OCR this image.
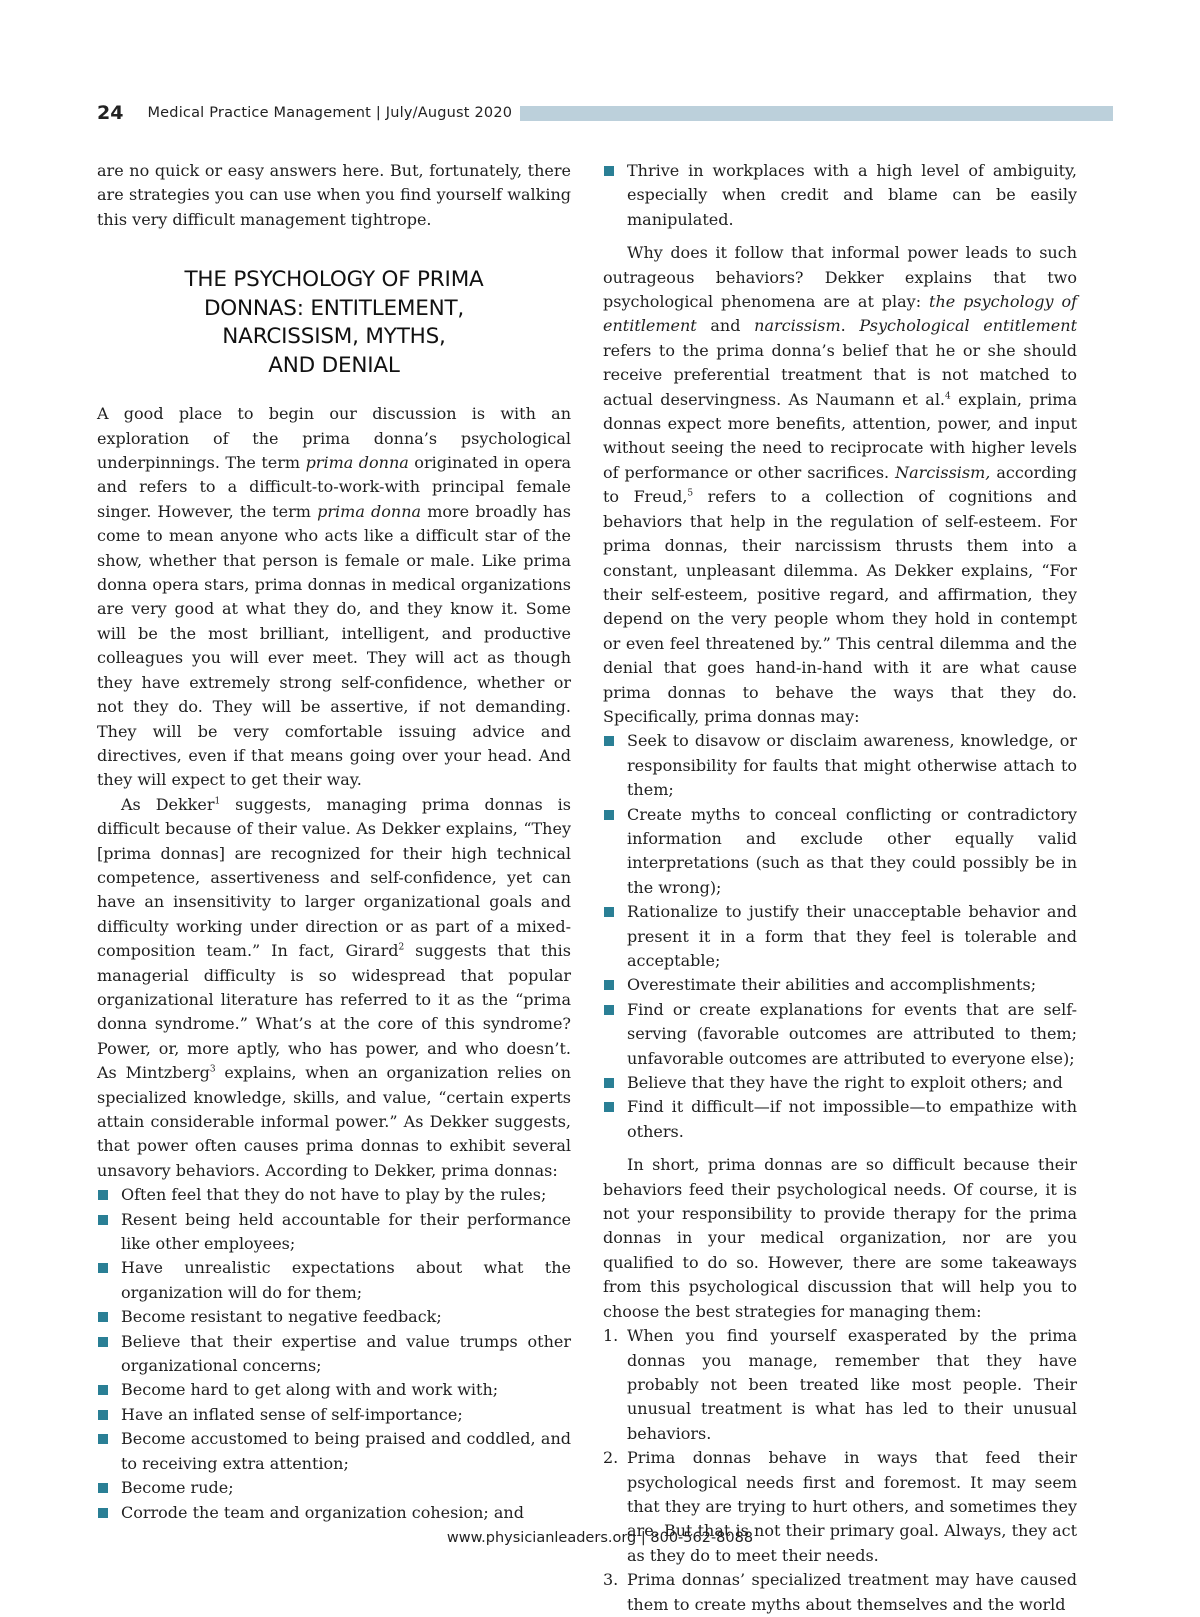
24 Medical Practice Management | July/August 2020

are no quick or easy answers here. But, fortunately, there are strategies you can use when you find yourself walking this very difficult management tightrope.

THE PSYCHOLOGY OF PRIMA
DONNAS: ENTITLEMENT,
NARCISSISM, MYTHS,
AND DENIAL

A good place to begin our discussion is with an exploration of the prima donna’s psychological underpinnings. The term prima donna originated in opera and refers to a difficult-to-work-with principal female singer. However, the term prima donna more broadly has come to mean anyone who acts like a difficult star of the show, whether that person is female or male. Like prima donna opera stars, prima donnas in medical organizations are very good at what they do, and they know it. Some will be the most brilliant, intelligent, and productive colleagues you will ever meet. They will act as though they have extremely strong self-confidence, whether or not they do. They will be assertive, if not demanding. They will be very comfortable issuing advice and directives, even if that means going over your head. And they will expect to get their way.

As Dekker$^1$ suggests, managing prima donnas is difficult because of their value. As Dekker explains, “They [prima donnas] are recognized for their high technical competence, assertiveness and self-confidence, yet can have an insensitivity to larger organizational goals and difficulty working under direction or as part of a mixed-composition team.” In fact, Girard$^2$ suggests that this managerial difficulty is so widespread that popular organizational literature has referred to it as the “prima donna syndrome.” What’s at the core of this syndrome? Power, or, more aptly, who has power, and who doesn’t. As Mintzberg$^3$ explains, when an organization relies on specialized knowledge, skills, and value, “certain experts attain considerable informal power.” As Dekker suggests, that power often causes prima donnas to exhibit several unsavory behaviors. According to Dekker, prima donnas:

Often feel that they do not have to play by the rules;
Resent being held accountable for their performance like other employees;
Have unrealistic expectations about what the organization will do for them;
Become resistant to negative feedback;
Believe that their expertise and value trumps other organizational concerns;
Become hard to get along with and work with;
Have an inflated sense of self-importance;
Become accustomed to being praised and coddled, and to receiving extra attention;
Become rude;
Corrode the team and organization cohesion; and
Thrive in workplaces with a high level of ambiguity, especially when credit and blame can be easily manipulated.

Why does it follow that informal power leads to such outrageous behaviors? Dekker explains that two psychological phenomena are at play: the psychology of entitlement and narcissism. Psychological entitlement refers to the prima donna’s belief that he or she should receive preferential treatment that is not matched to actual deservingness. As Naumann et al.$^4$ explain, prima donnas expect more benefits, attention, power, and input without seeing the need to reciprocate with higher levels of performance or other sacrifices. Narcissism, according to Freud,$^5$ refers to a collection of cognitions and behaviors that help in the regulation of self-esteem. For prima donnas, their narcissism thrusts them into a constant, unpleasant dilemma. As Dekker explains, “For their self-esteem, positive regard, and affirmation, they depend on the very people whom they hold in contempt or even feel threatened by.” This central dilemma and the denial that goes hand-in-hand with it are what cause prima donnas to behave the ways that they do. Specifically, prima donnas may:

Seek to disavow or disclaim awareness, knowledge, or responsibility for faults that might otherwise attach to them;
Create myths to conceal conflicting or contradictory information and exclude other equally valid interpretations (such as that they could possibly be in the wrong);
Rationalize to justify their unacceptable behavior and present it in a form that they feel is tolerable and acceptable;
Overestimate their abilities and accomplishments;
Find or create explanations for events that are self-serving (favorable outcomes are attributed to them; unfavorable outcomes are attributed to everyone else);
Believe that they have the right to exploit others; and
Find it difficult—if not impossible—to empathize with others.

In short, prima donnas are so difficult because their behaviors feed their psychological needs. Of course, it is not your responsibility to provide therapy for the prima donnas in your medical organization, nor are you qualified to do so. However, there are some takeaways from this psychological discussion that will help you to choose the best strategies for managing them:

1. When you find yourself exasperated by the prima donnas you manage, remember that they have probably not been treated like most people. Their unusual treatment is what has led to their unusual behaviors.
2. Prima donnas behave in ways that feed their psychological needs first and foremost. It may seem that they are trying to hurt others, and sometimes they are. But that is not their primary goal. Always, they act as they do to meet their needs.
3. Prima donnas’ specialized treatment may have caused them to create myths about themselves and the world
www.physicianleaders.org | 800-562-8088
